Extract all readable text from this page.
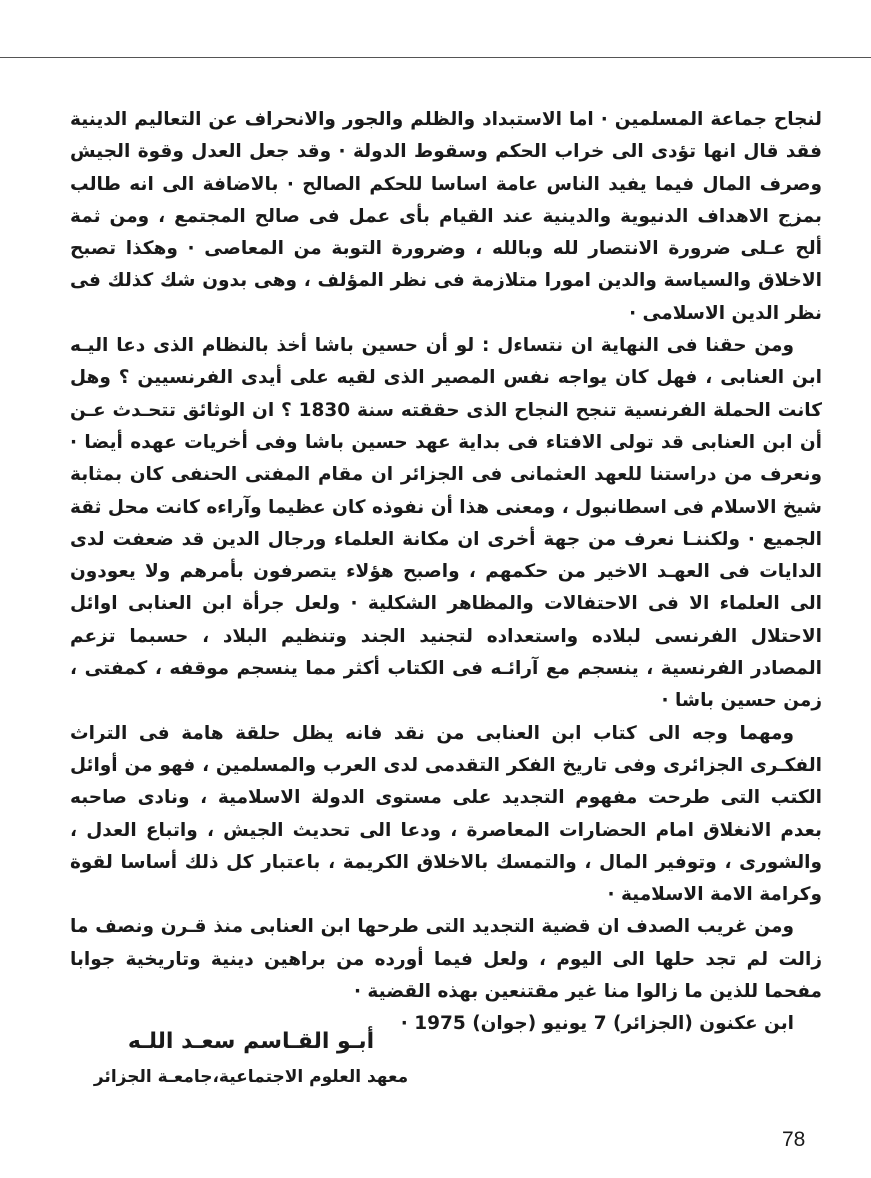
لنجاح جماعة المسلمين · اما الاستبداد والظلم والجور والانحراف عن التعاليم الدينية فقد قال انها تؤدى الى خراب الحكم وسقوط الدولة · وقد جعل العدل وقوة الجيش وصرف المال فيما يفيد الناس عامة اساسا للحكم الصالح · بالاضافة الى انه طالب بمزج الاهداف الدنيوية والدينية عند القيام بأى عمل فى صالح المجتمع ، ومن ثمة ألح عـلى ضرورة الانتصار لله وبالله ، وضرورة التوبة من المعاصى · وهكذا تصبح الاخلاق والسياسة والدين امورا متلازمة فى نظر المؤلف ، وهى بدون شك كذلك فى نظر الدين الاسلامى ·

ومن حقنا فى النهاية ان نتساءل : لو أن حسين باشا أخذ بالنظام الذى دعا اليـه ابن العنابى ، فهل كان يواجه نفس المصير الذى لقيه على أيدى الفرنسيين ؟ وهل كانت الحملة الفرنسية تنجح النجاح الذى حققته سنة 1830 ؟ ان الوثائق تتحـدث عـن أن ابن العنابى قد تولى الافتاء فى بداية عهد حسين باشا وفى أخريات عهده أيضا · ونعرف من دراستنا للعهد العثمانى فى الجزائر ان مقام المفتى الحنفى كان بمثابة شيخ الاسلام فى اسطانبول ، ومعنى هذا أن نفوذه كان عظيما وآراءه كانت محل ثقة الجميع · ولكننـا نعرف من جهة أخرى ان مكانة العلماء ورجال الدين قد ضعفت لدى الدايات فى العهـد الاخير من حكمهم ، واصبح هؤلاء يتصرفون بأمرهم ولا يعودون الى العلماء الا فى الاحتفالات والمظاهر الشكلية · ولعل جرأة ابن العنابى اوائل الاحتلال الفرنسى لبلاده واستعداده لتجنيد الجند وتنظيم البلاد ، حسبما تزعم المصادر الفرنسية ، ينسجم مع آرائـه فى الكتاب أكثر مما ينسجم موقفه ، كمفتى ، زمن حسين باشا ·

ومهما وجه الى كتاب ابن العنابى من نقد فانه يظل حلقة هامة فى التراث الفكـرى الجزائرى وفى تاريخ الفكر التقدمى لدى العرب والمسلمين ، فهو من أوائل الكتب التى طرحت مفهوم التجديد على مستوى الدولة الاسلامية ، ونادى صاحبه بعدم الانغلاق امام الحضارات المعاصرة ، ودعا الى تحديث الجيش ، واتباع العدل ، والشورى ، وتوفير المال ، والتمسك بالاخلاق الكريمة ، باعتبار كل ذلك أساسا لقوة وكرامة الامة الاسلامية ·

ومن غريب الصدف ان قضية التجديد التى طرحها ابن العنابى منذ قـرن ونصف ما زالت لم تجد حلها الى اليوم ، ولعل فيما أورده من براهين دينية وتاريخية جوابا مفحما للذين ما زالوا منا غير مقتنعين بهذه القضية ·

ابن عكنون (الجزائر) 7 يونيو (جوان) 1975 ·

أبـو القـاسم سعـد اللـه
معهد العلوم الاجتماعية،جامعـة الجزائر
78
